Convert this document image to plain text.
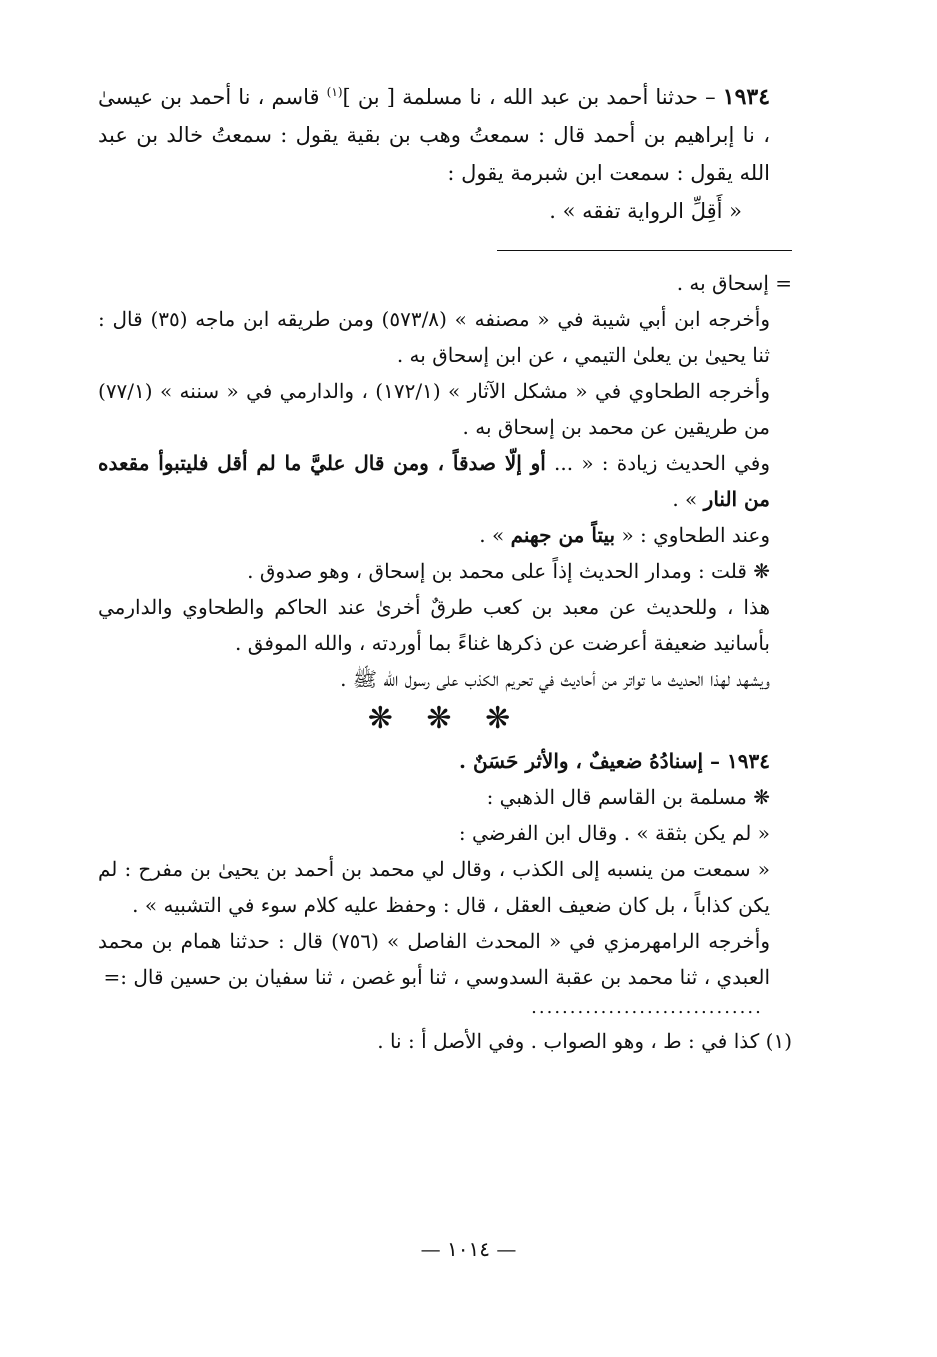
١٩٣٤ – حدثنا أحمد بن عبد الله ، نا مسلمة [ بن ]$^{(١)}$ قاسم ، نا أحمد بن عيسىٰ ، نا إبراهيم بن أحمد قال : سمعتُ وهب بن بقية يقول : سمعتُ خالد بن عبد الله يقول : سمعت ابن شبرمة يقول :

« أَقِلِّ الرواية تفقه » .

= إسحاق به .

وأخرجه ابن أبي شيبة في « مصنفه » (٥٧٣/٨) ومن طريقه ابن ماجه (٣٥) قال : ثنا يحيىٰ بن يعلىٰ التيمي ، عن ابن إسحاق به .

وأخرجه الطحاوي في « مشكل الآثار » (١٧٢/١) ، والدارمي في « سننه » (٧٧/١) من طريقين عن محمد بن إسحاق به .

وفي الحديث زيادة : « ... أو إلّا صدقاً ، ومن قال عليَّ ما لم أقل فليتبوأ مقعده من النار » .

وعند الطحاوي : « بيتاً من جهنم » .

❋ قلت : ومدار الحديث إذاً على محمد بن إسحاق ، وهو صدوق .

هذا ، وللحديث عن معبد بن كعب طرقٌ أخرىٰ عند الحاكم والطحاوي والدارمي بأسانيد ضعيفة أعرضت عن ذكرها غناءً بما أوردته ، والله الموفق .

ويشهد لهذا الحديث ما تواتر من أحاديث في تحريم الكذب على رسول الله ﷺ .

❋ ❋ ❋

١٩٣٤ – إسنادُهُ ضعيفٌ ، والأثر حَسَنٌ .

❋ مسلمة بن القاسم قال الذهبي :

« لم يكن بثقة » . وقال ابن الفرضي :

« سمعت من ينسبه إلى الكذب ، وقال لي محمد بن أحمد بن يحيىٰ بن مفرح : لم يكن كذاباً ، بل كان ضعيف العقل ، قال : وحفظ عليه كلام سوء في التشبيه » .

وأخرجه الرامهرمزي في « المحدث الفاصل » (٧٥٦) قال : حدثنا همام بن محمد العبدي ، ثنا محمد بن عقبة السدوسي ، ثنا أبو غصن ، ثنا سفيان بن حسين قال :=

..............................

(١) كذا في : ط ، وهو الصواب . وفي الأصل أ : نا .

— ١٠١٤ —
